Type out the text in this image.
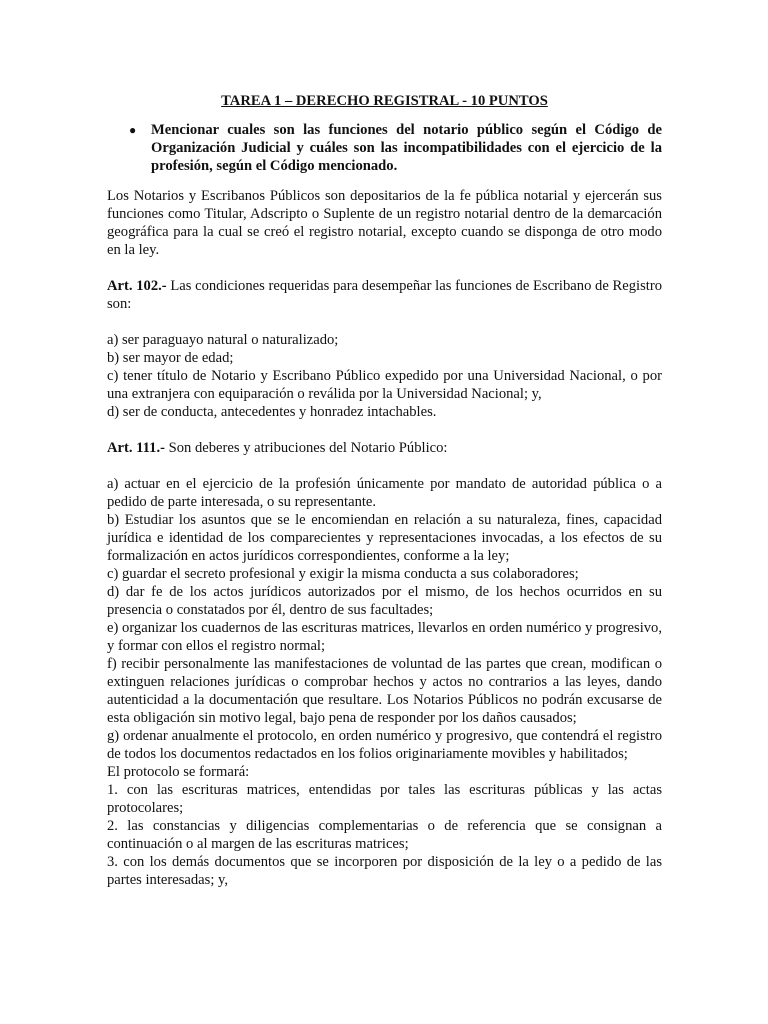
TAREA 1 – DERECHO REGISTRAL - 10 PUNTOS
●	Mencionar cuales son las funciones del notario público según el Código de Organización Judicial y cuáles son las incompatibilidades con el ejercicio de la profesión, según el Código mencionado.

Los Notarios y Escribanos Públicos son depositarios de la fe pública notarial y ejercerán sus funciones como Titular, Adscripto o Suplente de un registro notarial dentro de la demarcación geográfica para la cual se creó el registro notarial, excepto cuando se disponga de otro modo en la ley.

Art. 102.- Las condiciones requeridas para desempeñar las funciones de Escribano de Registro son:

a) ser paraguayo natural o naturalizado;

b) ser mayor de edad;

c) tener título de Notario y Escribano Público expedido por una Universidad Nacional, o por una extranjera con equiparación o reválida por la Universidad Nacional; y,

d) ser de conducta, antecedentes y honradez intachables.

Art. 111.- Son deberes y atribuciones del Notario Público:

a) actuar en el ejercicio de la profesión únicamente por mandato de autoridad pública o a pedido de parte interesada, o su representante.

b) Estudiar los asuntos que se le encomiendan en relación a su naturaleza, fines, capacidad jurídica e identidad de los comparecientes y representaciones invocadas, a los efectos de su formalización en actos jurídicos correspondientes, conforme a la ley;

c) guardar el secreto profesional y exigir la misma conducta a sus colaboradores;

d) dar fe de los actos jurídicos autorizados por el mismo, de los hechos ocurridos en su presencia o constatados por él, dentro de sus facultades;

e) organizar los cuadernos de las escrituras matrices, llevarlos en orden numérico y progresivo, y formar con ellos el registro normal;

f) recibir personalmente las manifestaciones de voluntad de las partes que crean, modifican o extinguen relaciones jurídicas o comprobar hechos y actos no contrarios a las leyes, dando autenticidad a la documentación que resultare. Los Notarios Públicos no podrán excusarse de esta obligación sin motivo legal, bajo pena de responder por los daños causados;

g) ordenar anualmente el protocolo, en orden numérico y progresivo, que contendrá el registro de todos los documentos redactados en los folios originariamente movibles y habilitados;

El protocolo se formará:

1. con las escrituras matrices, entendidas por tales las escrituras públicas y las actas protocolares;

2. las constancias y diligencias complementarias o de referencia que se consignan a continuación o al margen de las escrituras matrices;

3. con los demás documentos que se incorporen por disposición de la ley o a pedido de las partes interesadas; y,
